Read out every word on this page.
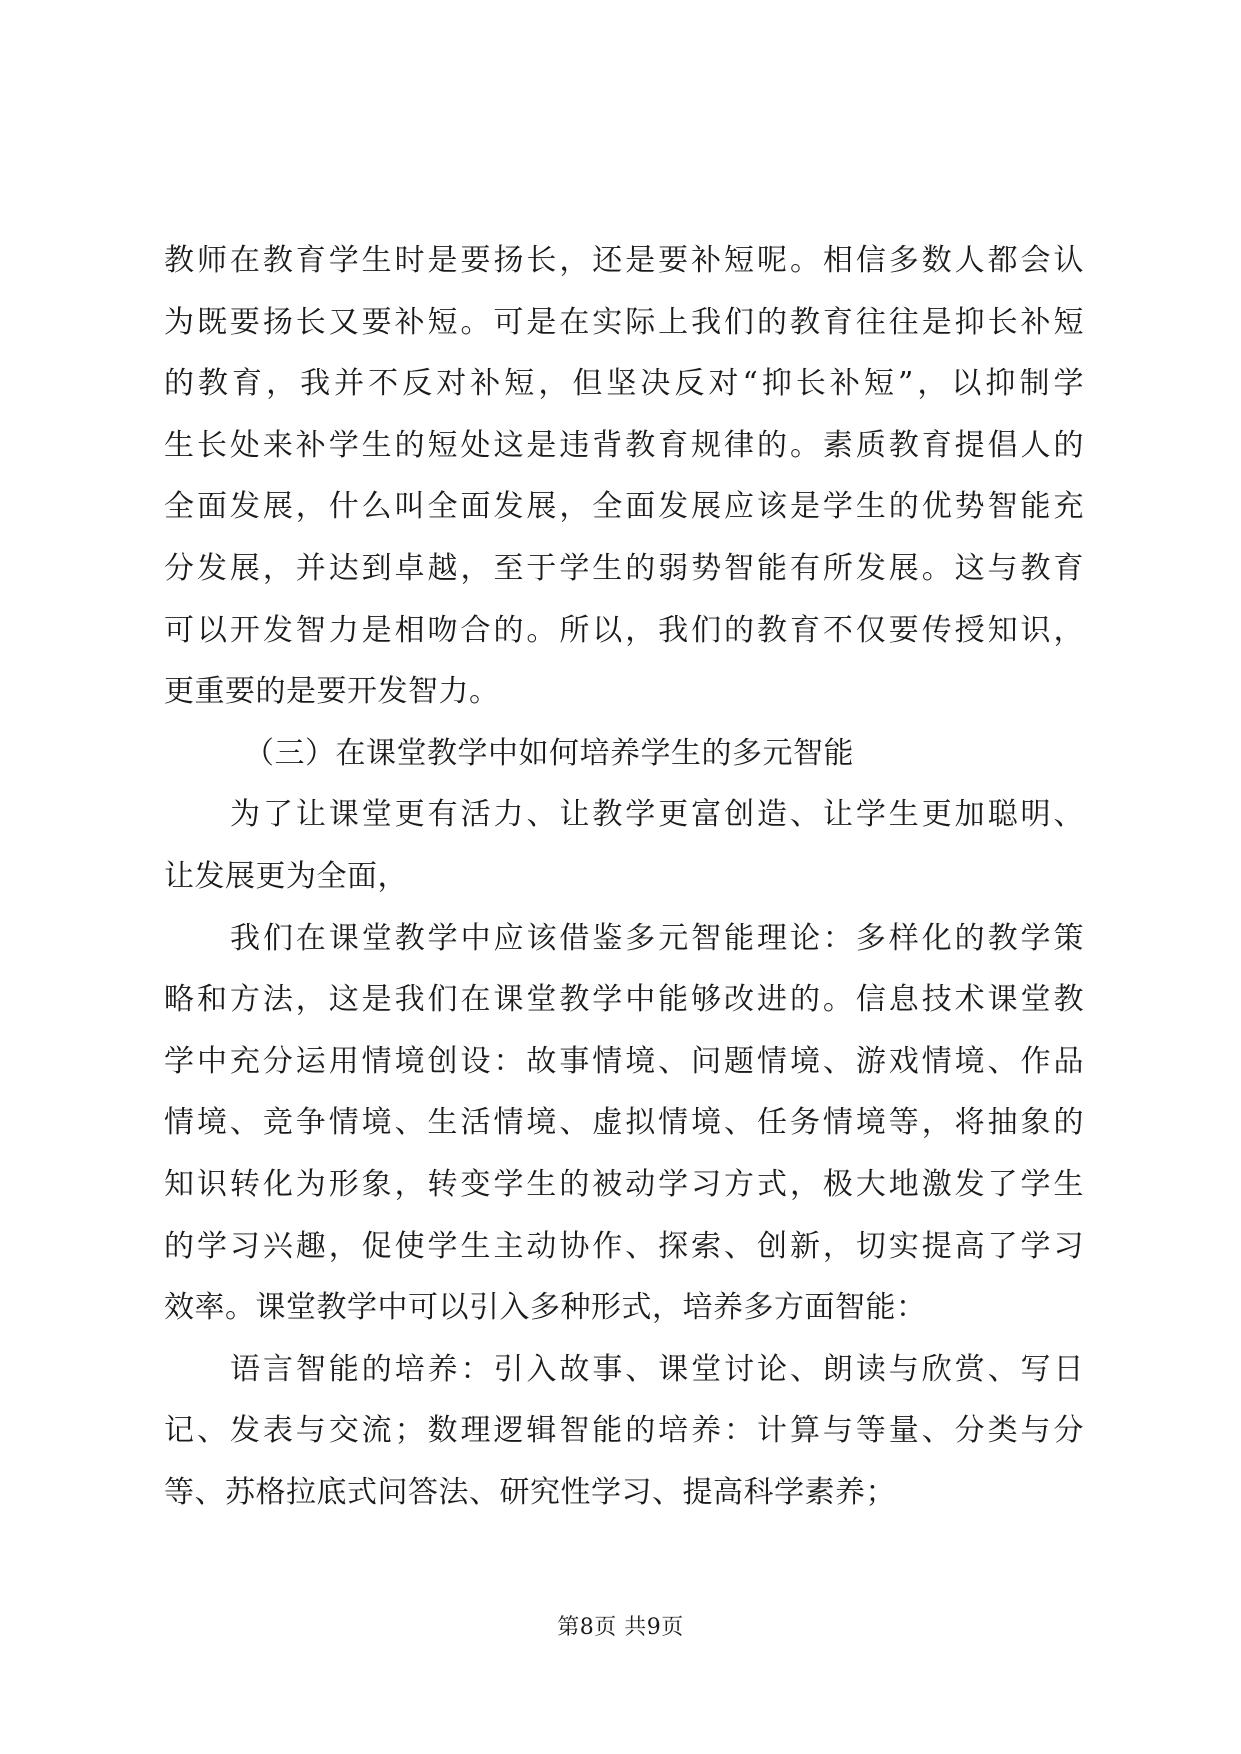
教师在教育学生时是要扬长，还是要补短呢。相信多数人都会认
为既要扬长又要补短。可是在实际上我们的教育往往是抑长补短
的教育，我并不反对补短，但坚决反对“抑长补短”，以抑制学
生长处来补学生的短处这是违背教育规律的。素质教育提倡人的
全面发展，什么叫全面发展，全面发展应该是学生的优势智能充
分发展，并达到卓越，至于学生的弱势智能有所发展。这与教育
可以开发智力是相吻合的。所以，我们的教育不仅要传授知识，
更重要的是要开发智力。
（三）在课堂教学中如何培养学生的多元智能
为了让课堂更有活力、让教学更富创造、让学生更加聪明、
让发展更为全面，
我们在课堂教学中应该借鉴多元智能理论：多样化的教学策
略和方法，这是我们在课堂教学中能够改进的。信息技术课堂教
学中充分运用情境创设：故事情境、问题情境、游戏情境、作品
情境、竞争情境、生活情境、虚拟情境、任务情境等，将抽象的
知识转化为形象，转变学生的被动学习方式，极大地激发了学生
的学习兴趣，促使学生主动协作、探索、创新，切实提高了学习
效率。课堂教学中可以引入多种形式，培养多方面智能：
语言智能的培养：引入故事、课堂讨论、朗读与欣赏、写日
记、发表与交流；数理逻辑智能的培养：计算与等量、分类与分
等、苏格拉底式问答法、研究性学习、提高科学素养；
第8页 共9页
